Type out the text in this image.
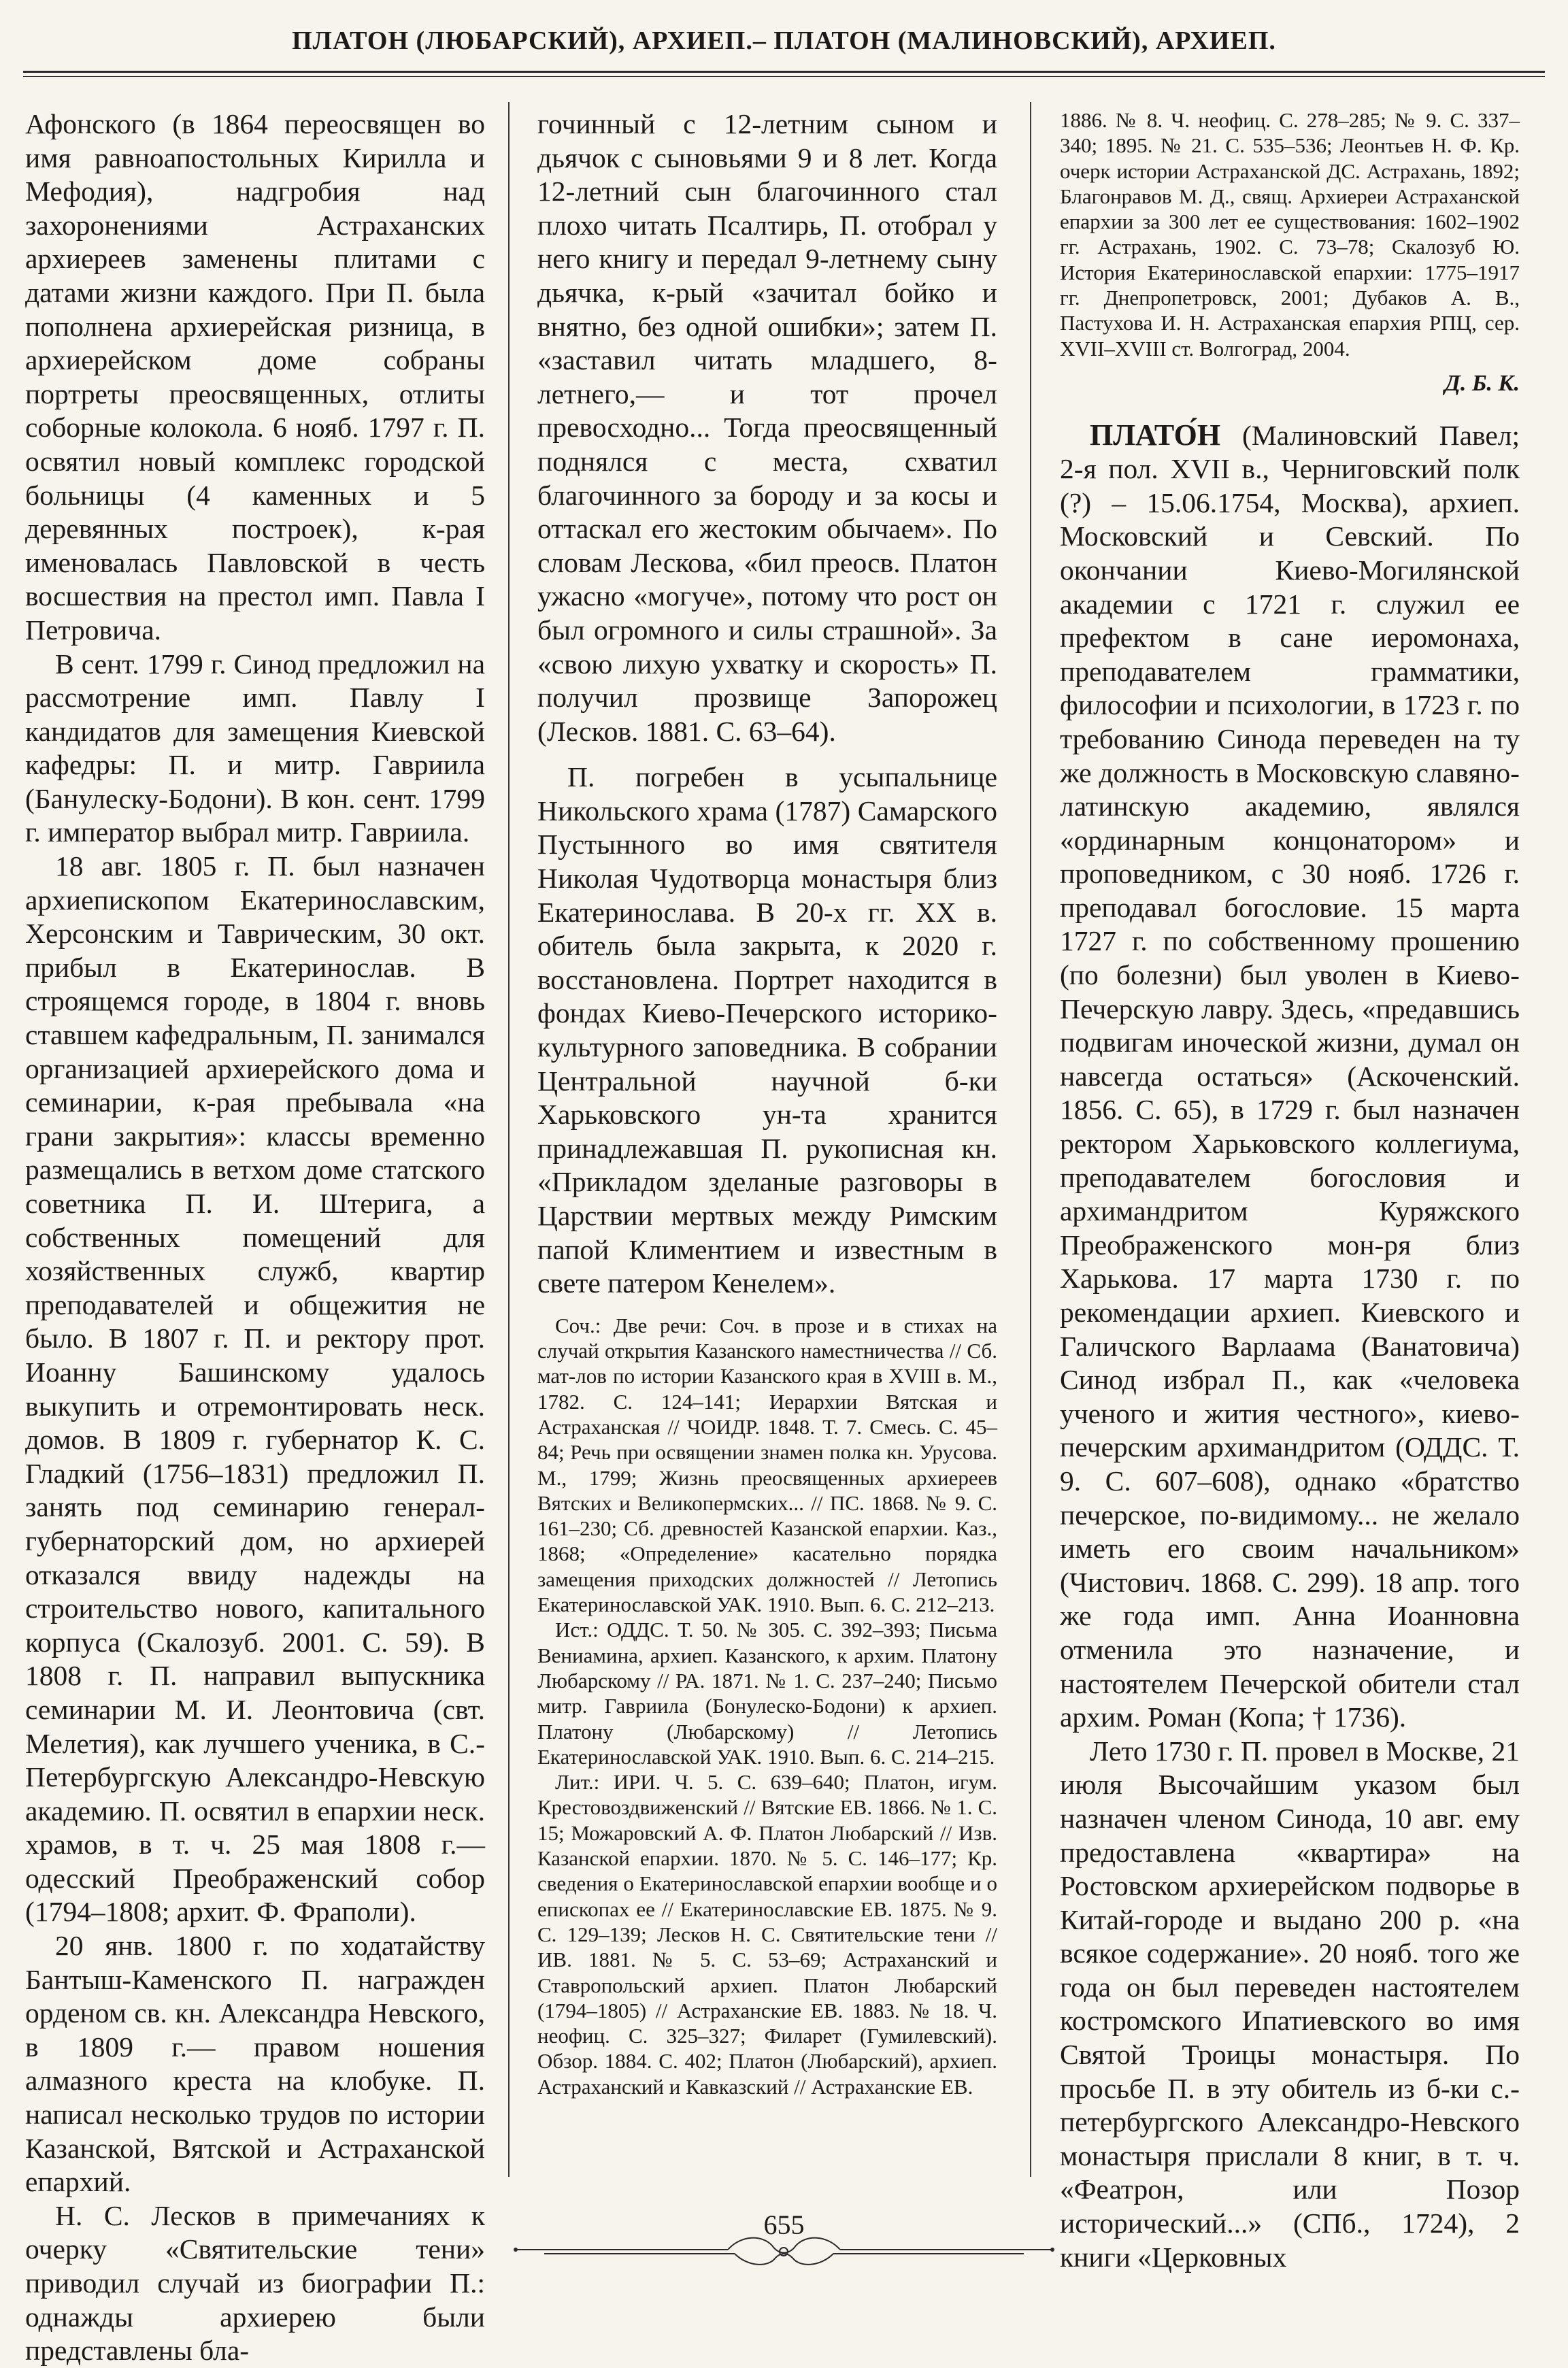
ПЛАТОН (ЛЮБАРСКИЙ), АРХИЕП.– ПЛАТОН (МАЛИНОВСКИЙ), АРХИЕП.

Афонского (в 1864 переосвящен во имя равноапостольных Кирилла и Мефодия), надгробия над захоронениями Астраханских архиереев заменены плитами с датами жизни каждого. При П. была пополнена архиерейская ризница, в архиерейском доме собраны портреты преосвященных, отлиты соборные колокола. 6 нояб. 1797 г. П. освятил новый комплекс городской больницы (4 каменных и 5 деревянных построек), к-рая именовалась Павловской в честь восшествия на престол имп. Павла I Петровича.

В сент. 1799 г. Синод предложил на рассмотрение имп. Павлу I кандидатов для замещения Киевской кафедры: П. и митр. Гавриила (Банулеску-Бодони). В кон. сент. 1799 г. император выбрал митр. Гавриила.

18 авг. 1805 г. П. был назначен архиепископом Екатеринославским, Херсонским и Таврическим, 30 окт. прибыл в Екатеринослав. В строящемся городе, в 1804 г. вновь ставшем кафедральным, П. занимался организацией архиерейского дома и семинарии, к-рая пребывала «на грани закрытия»: классы временно размещались в ветхом доме статского советника П. И. Штерига, а собственных помещений для хозяйственных служб, квартир преподавателей и общежития не было. В 1807 г. П. и ректору прот. Иоанну Башинскому удалось выкупить и отремонтировать неск. домов. В 1809 г. губернатор К. С. Гладкий (1756–1831) предложил П. занять под семинарию генерал-губернаторский дом, но архиерей отказался ввиду надежды на строительство нового, капитального корпуса (Скалозуб. 2001. С. 59). В 1808 г. П. направил выпускника семинарии М. И. Леонтовича (свт. Мелетия), как лучшего ученика, в С.-Петербургскую Александро-Невскую академию. П. освятил в епархии неск. храмов, в т. ч. 25 мая 1808 г.— одесский Преображенский собор (1794–1808; архит. Ф. Фраполи).

20 янв. 1800 г. по ходатайству Бантыш-Каменского П. награжден орденом св. кн. Александра Невского, в 1809 г.— правом ношения алмазного креста на клобуке. П. написал несколько трудов по истории Казанской, Вятской и Астраханской епархий.

Н. С. Лесков в примечаниях к очерку «Святительские тени» приводил случай из биографии П.: однажды архиерею были представлены бла-

гочинный с 12-летним сыном и дьячок с сыновьями 9 и 8 лет. Когда 12-летний сын благочинного стал плохо читать Псалтирь, П. отобрал у него книгу и передал 9-летнему сыну дьячка, к-рый «зачитал бойко и внятно, без одной ошибки»; затем П. «заставил читать младшего, 8-летнего,— и тот прочел превосходно... Тогда преосвященный поднялся с места, схватил благочинного за бороду и за косы и оттаскал его жестоким обычаем». По словам Лескова, «бил преосв. Платон ужасно «могуче», потому что рост он был огромного и силы страшной». За «свою лихую ухватку и скорость» П. получил прозвище Запорожец (Лесков. 1881. С. 63–64).

П. погребен в усыпальнице Никольского храма (1787) Самарского Пустынного во имя святителя Николая Чудотворца монастыря близ Екатеринослава. В 20-х гг. XX в. обитель была закрыта, к 2020 г. восстановлена. Портрет находится в фондах Киево-Печерского историко-культурного заповедника. В собрании Центральной научной б-ки Харьковского ун-та хранится принадлежавшая П. рукописная кн. «Прикладом зделаные разговоры в Царствии мертвых между Римским папой Климентием и известным в свете патером Кенелем».

Соч.: Две речи: Соч. в прозе и в стихах на случай открытия Казанского наместничества // Сб. мат-лов по истории Казанского края в XVIII в. М., 1782. С. 124–141; Иерархии Вятская и Астраханская // ЧОИДР. 1848. Т. 7. Смесь. С. 45–84; Речь при освящении знамен полка кн. Урусова. М., 1799; Жизнь преосвященных архиереев Вятских и Великопермских... // ПС. 1868. № 9. С. 161–230; Сб. древностей Казанской епархии. Каз., 1868; «Определение» касательно порядка замещения приходских должностей // Летопись Екатеринославской УАК. 1910. Вып. 6. С. 212–213.

Ист.: ОДДС. Т. 50. № 305. С. 392–393; Письма Вениамина, архиеп. Казанского, к архим. Платону Любарскому // РА. 1871. № 1. С. 237–240; Письмо митр. Гавриила (Бонулеско-Бодони) к архиеп. Платону (Любарскому) // Летопись Екатеринославской УАК. 1910. Вып. 6. С. 214–215.

Лит.: ИРИ. Ч. 5. С. 639–640; Платон, игум. Крестовоздвиженский // Вятские ЕВ. 1866. № 1. С. 15; Можаровский А. Ф. Платон Любарский // Изв. Казанской епархии. 1870. № 5. С. 146–177; Кр. сведения о Екатеринославской епархии вообще и о епископах ее // Екатеринославские ЕВ. 1875. № 9. С. 129–139; Лесков Н. С. Святительские тени // ИВ. 1881. № 5. С. 53–69; Астраханский и Ставропольский архиеп. Платон Любарский (1794–1805) // Астраханские ЕВ. 1883. № 18. Ч. неофиц. С. 325–327; Филарет (Гумилевский). Обзор. 1884. С. 402; Платон (Любарский), архиеп. Астраханский и Кавказский // Астраханские ЕВ.

1886. № 8. Ч. неофиц. С. 278–285; № 9. С. 337–340; 1895. № 21. С. 535–536; Леонтьев Н. Ф. Кр. очерк истории Астраханской ДС. Астрахань, 1892; Благонравов М. Д., свящ. Архиереи Астраханской епархии за 300 лет ее существования: 1602–1902 гг. Астрахань, 1902. С. 73–78; Скалозуб Ю. История Екатеринославской епархии: 1775–1917 гг. Днепропетровск, 2001; Дубаков А. В., Пастухова И. Н. Астраханская епархия РПЦ, сер. XVII–XVIII ст. Волгоград, 2004.

Д. Б. К.

ПЛАТО́Н (Малиновский Павел; 2-я пол. XVII в., Черниговский полк (?) – 15.06.1754, Москва), архиеп. Московский и Севский. По окончании Киево-Могилянской академии с 1721 г. служил ее префектом в сане иеромонаха, преподавателем грамматики, философии и психологии, в 1723 г. по требованию Синода переведен на ту же должность в Московскую славяно-латинскую академию, являлся «ординарным концонатором» и проповедником, с 30 нояб. 1726 г. преподавал богословие. 15 марта 1727 г. по собственному прошению (по болезни) был уволен в Киево-Печерскую лавру. Здесь, «предавшись подвигам иноческой жизни, думал он навсегда остаться» (Аскоченский. 1856. С. 65), в 1729 г. был назначен ректором Харьковского коллегиума, преподавателем богословия и архимандритом Куряжского Преображенского мон-ря близ Харькова. 17 марта 1730 г. по рекомендации архиеп. Киевского и Галичского Варлаама (Ванатовича) Синод избрал П., как «человека ученого и жития честного», киево-печерским архимандритом (ОДДС. Т. 9. С. 607–608), однако «братство печерское, по-видимому... не желало иметь его своим начальником» (Чистович. 1868. С. 299). 18 апр. того же года имп. Анна Иоанновна отменила это назначение, и настоятелем Печерской обители стал архим. Роман (Копа; † 1736).

Лето 1730 г. П. провел в Москве, 21 июля Высочайшим указом был назначен членом Синода, 10 авг. ему предоставлена «квартира» на Ростовском архиерейском подворье в Китай-городе и выдано 200 р. «на всякое содержание». 20 нояб. того же года он был переведен настоятелем костромского Ипатиевского во имя Святой Троицы монастыря. По просьбе П. в эту обитель из б-ки с.-петербургского Александро-Невского монастыря прислали 8 книг, в т. ч. «Феатрон, или Позор исторический...» (СПб., 1724), 2 книги «Церковных

655
